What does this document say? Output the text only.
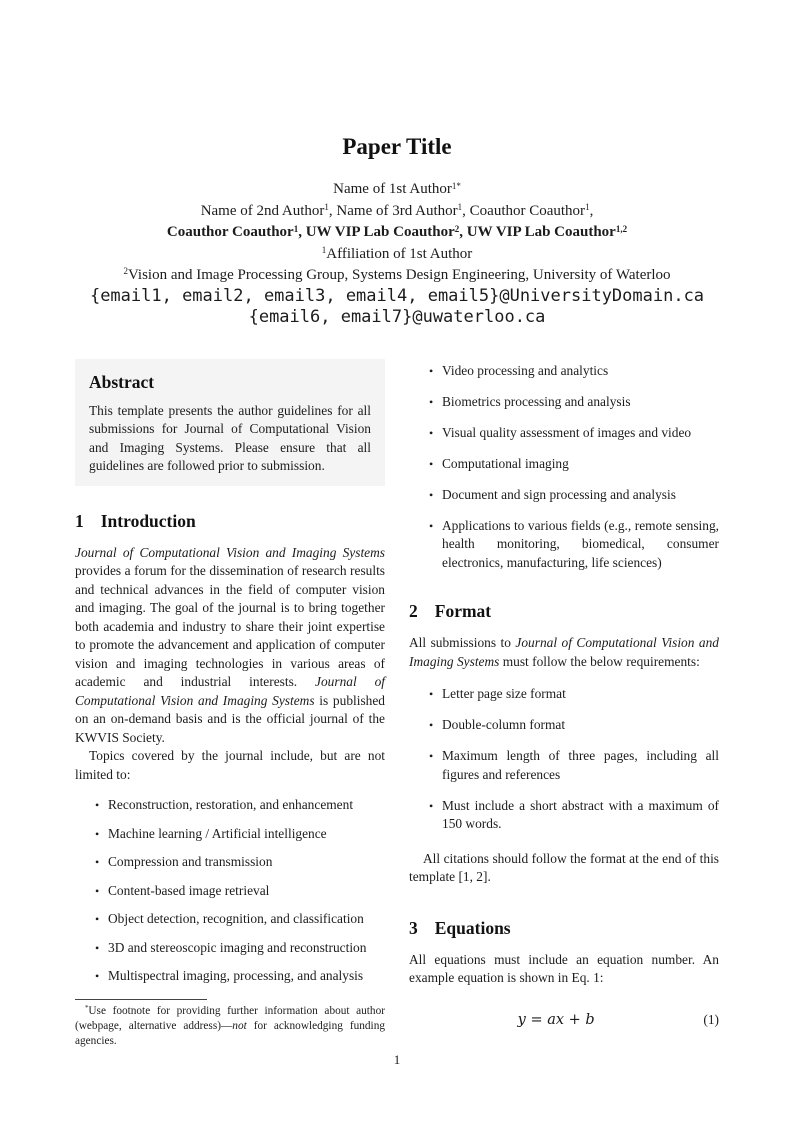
Paper Title
Name of 1st Author$^{1*}$
Name of 2nd Author$^1$, Name of 3rd Author$^1$, Coauthor Coauthor$^1$,
Coauthor Coauthor$^1$, UW VIP Lab Coauthor$^2$, UW VIP Lab Coauthor$^{1,2}$
$^1$Affiliation of 1st Author
$^2$Vision and Image Processing Group, Systems Design Engineering, University of Waterloo
{email1, email2, email3, email4, email5}@UniversityDomain.ca
{email6, email7}@uwaterloo.ca
Abstract

This template presents the author guidelines for all submissions for Journal of Computational Vision and Imaging Systems. Please ensure that all guidelines are followed prior to submission.

1 Introduction

Journal of Computational Vision and Imaging Systems provides a forum for the dissemination of research results and technical advances in the field of computer vision and imaging. The goal of the journal is to bring together both academia and industry to share their joint expertise to promote the advancement and application of computer vision and imaging technologies in various areas of academic and industrial interests. Journal of Computational Vision and Imaging Systems is published on an on-demand basis and is the official journal of the KWVIS Society.

Topics covered by the journal include, but are not limited to:

• Reconstruction, restoration, and enhancement
• Machine learning / Artificial intelligence
• Compression and transmission
• Content-based image retrieval
• Object detection, recognition, and classification
• 3D and stereoscopic imaging and reconstruction
• Multispectral imaging, processing, and analysis

*Use footnote for providing further information about author (webpage, alternative address)—not for acknowledging funding agencies.

• Video processing and analytics
• Biometrics processing and analysis
• Visual quality assessment of images and video
• Computational imaging
• Document and sign processing and analysis
• Applications to various fields (e.g., remote sensing, health monitoring, biomedical, consumer electronics, manufacturing, life sciences)
2 Format

All submissions to Journal of Computational Vision and Imaging Systems must follow the below requirements:

• Letter page size format
• Double-column format
• Maximum length of three pages, including all figures and references
• Must include a short abstract with a maximum of 150 words.

All citations should follow the format at the end of this template [1, 2].

3 Equations

All equations must include an equation number. An example equation is shown in Eq. 1:

y = ax + b	(1)
1
